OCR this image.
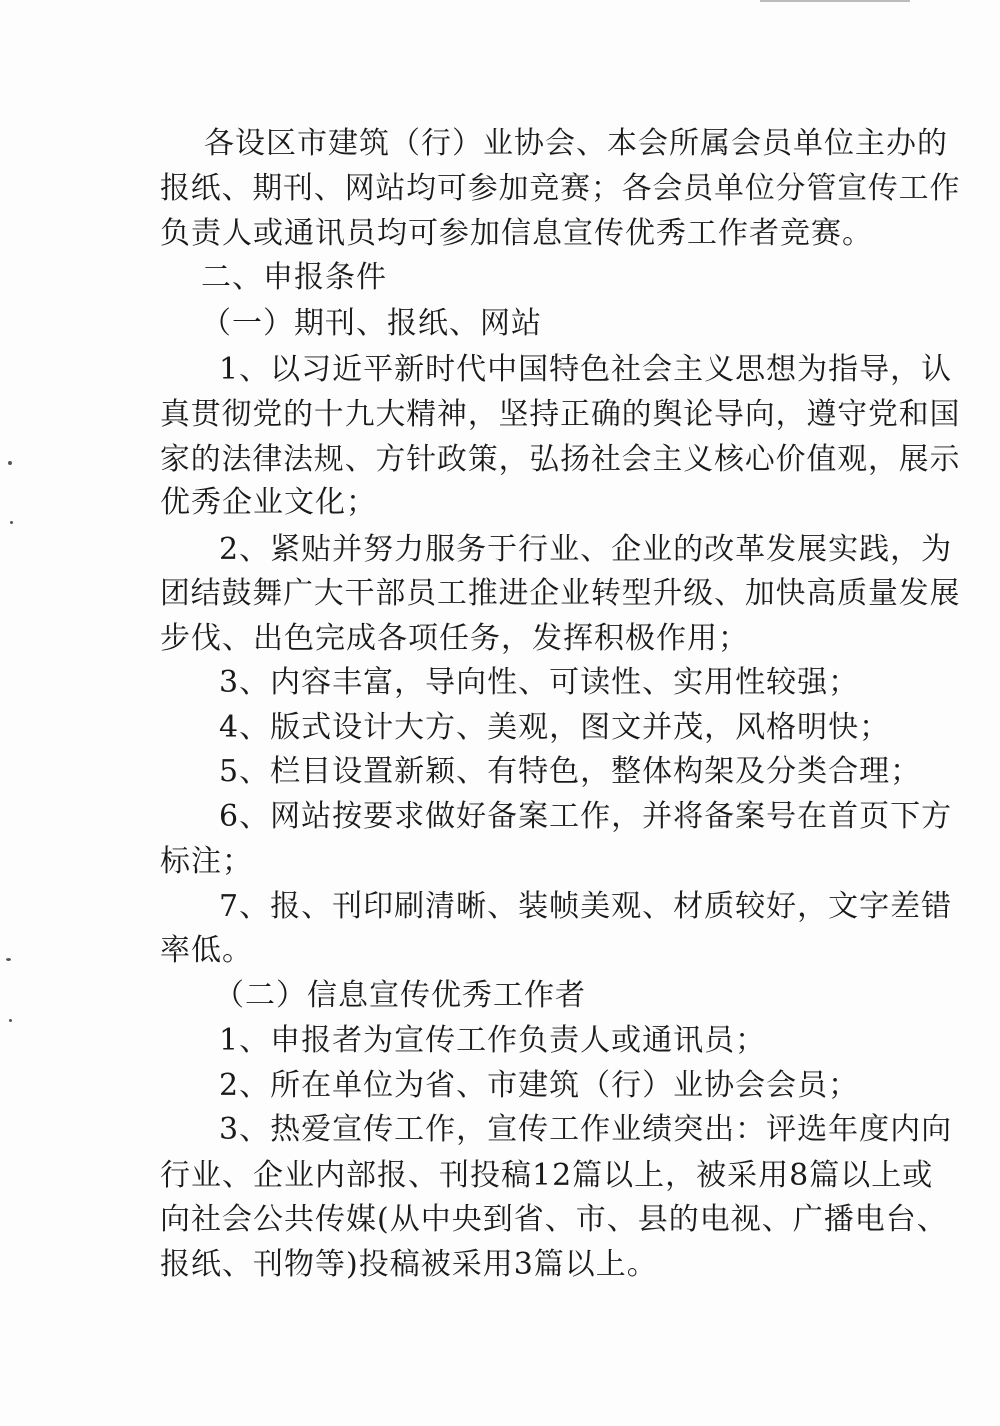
各设区市建筑（行）业协会、本会所属会员单位主办的
报纸、期刊、网站均可参加竞赛；各会员单位分管宣传工作
负责人或通讯员均可参加信息宣传优秀工作者竞赛。
二、申报条件
（一）期刊、报纸、网站
1、以习近平新时代中国特色社会主义思想为指导，认
真贯彻党的十九大精神，坚持正确的舆论导向，遵守党和国
家的法律法规、方针政策，弘扬社会主义核心价值观，展示
优秀企业文化；
2、紧贴并努力服务于行业、企业的改革发展实践，为
团结鼓舞广大干部员工推进企业转型升级、加快高质量发展
步伐、出色完成各项任务，发挥积极作用；
3、内容丰富，导向性、可读性、实用性较强；
4、版式设计大方、美观，图文并茂，风格明快；
5、栏目设置新颖、有特色，整体构架及分类合理；
6、网站按要求做好备案工作，并将备案号在首页下方
标注；
7、报、刊印刷清晰、装帧美观、材质较好，文字差错
率低。
（二）信息宣传优秀工作者
1、申报者为宣传工作负责人或通讯员；
2、所在单位为省、市建筑（行）业协会会员；
3、热爱宣传工作，宣传工作业绩突出：评选年度内向
行业、企业内部报、刊投稿12篇以上，被采用8篇以上或
向社会公共传媒(从中央到省、市、县的电视、广播电台、
报纸、刊物等)投稿被采用3篇以上。
